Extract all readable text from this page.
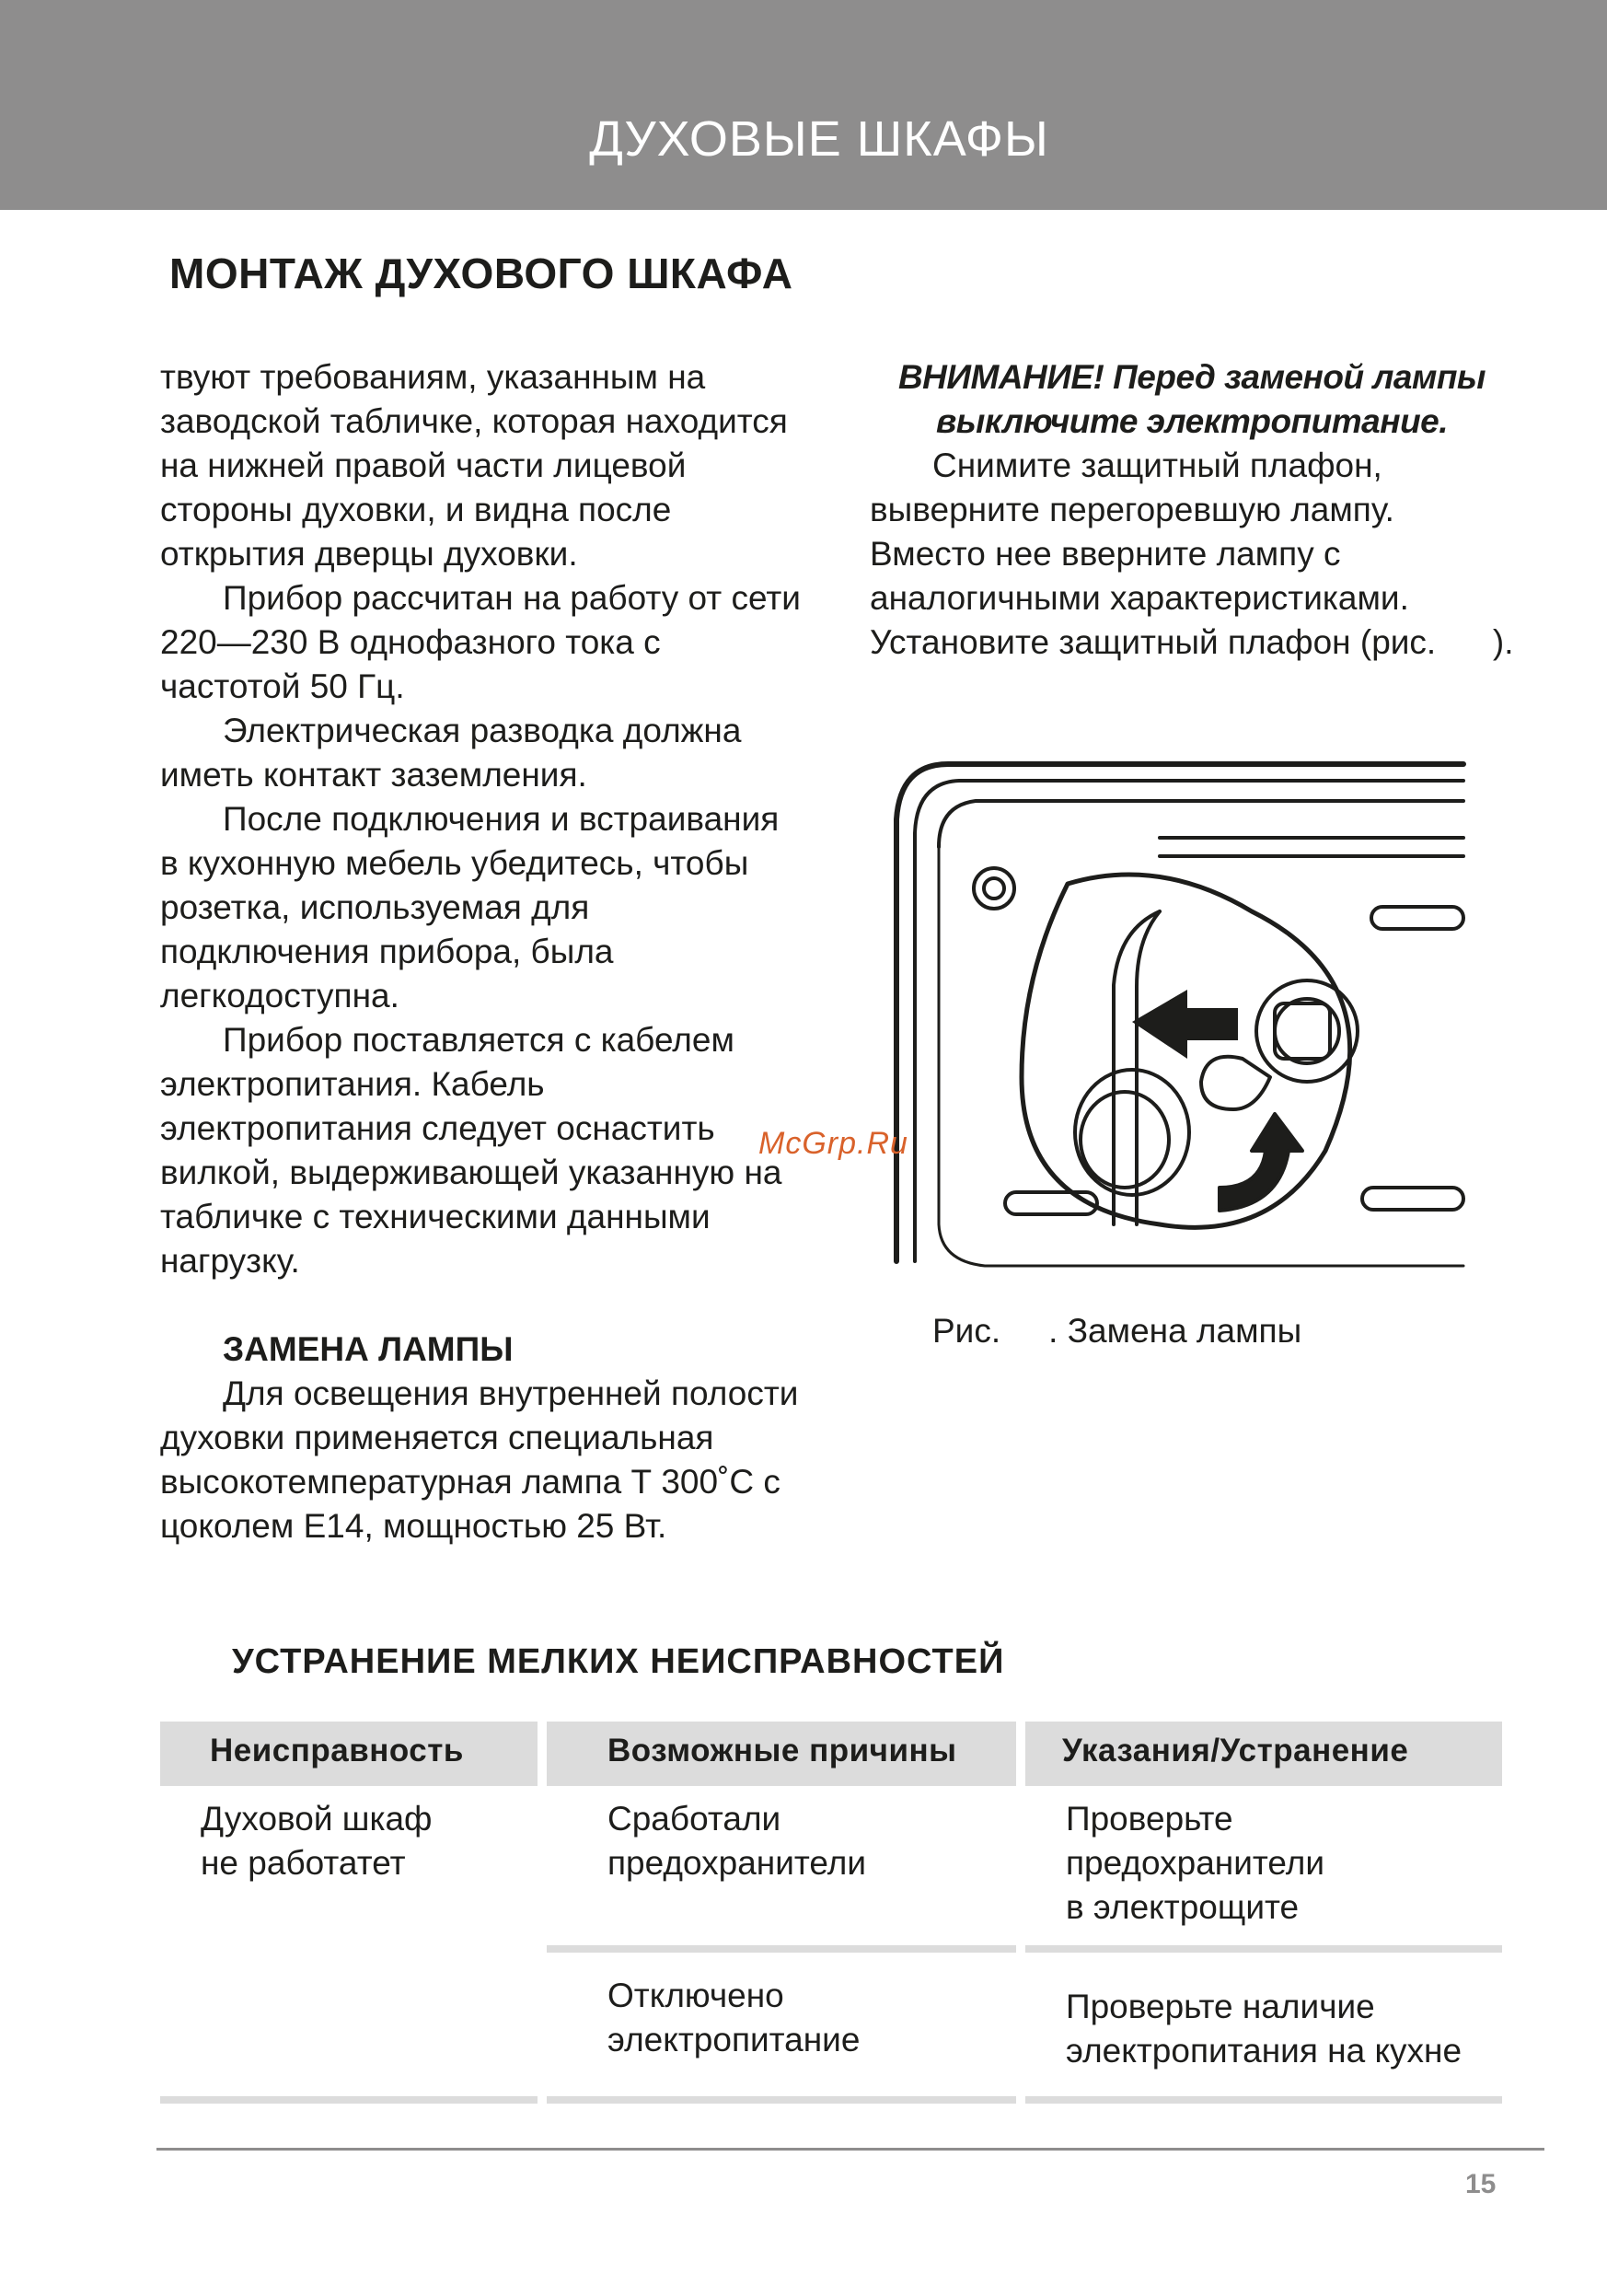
ДУХОВЫЕ ШКАФЫ
МОНТАЖ ДУХОВОГО ШКАФА

твуют требованиям, указанным на заводской табличке, которая находится на нижней правой части лицевой стороны духовки, и видна после открытия дверцы духовки.

Прибор рассчитан на работу от сети 220—230 В однофазного тока с частотой 50 Гц.

Электрическая разводка должна иметь контакт заземления.

После подключения и встраивания в кухонную мебель убедитесь, чтобы розетка, используемая для подключения прибора, была легкодоступна.

Прибор поставляется с кабелем электропитания. Кабель электропитания следует оснастить вилкой, выдерживающей указанную на табличке с техническими данными нагрузку.

ЗАМЕНА ЛАМПЫ

Для освещения внутренней полости духовки применяется специальная высокотемпературная лампа Т 300˚С с цоколем Е14, мощностью 25 Вт.

ВНИМАНИЕ! Перед заменой лампы выключите электропитание.

Снимите защитный плафон, выверните перегоревшую лампу. Вместо нее вверните лампу с аналогичными характеристиками. Установите защитный плафон (рис.      ).

Рис. . Замена лампы
McGrp.Ru
УСТРАНЕНИЕ МЕЛКИХ НЕИСПРАВНОСТЕЙ
Неисправность	Возможные причины	Указания/Устранение
Духовой шкаф
не работатет
Сработали
предохранители
Проверьте
предохранители
в электрощите
Отключено
электропитание
Проверьте наличие
электропитания на кухне
15
